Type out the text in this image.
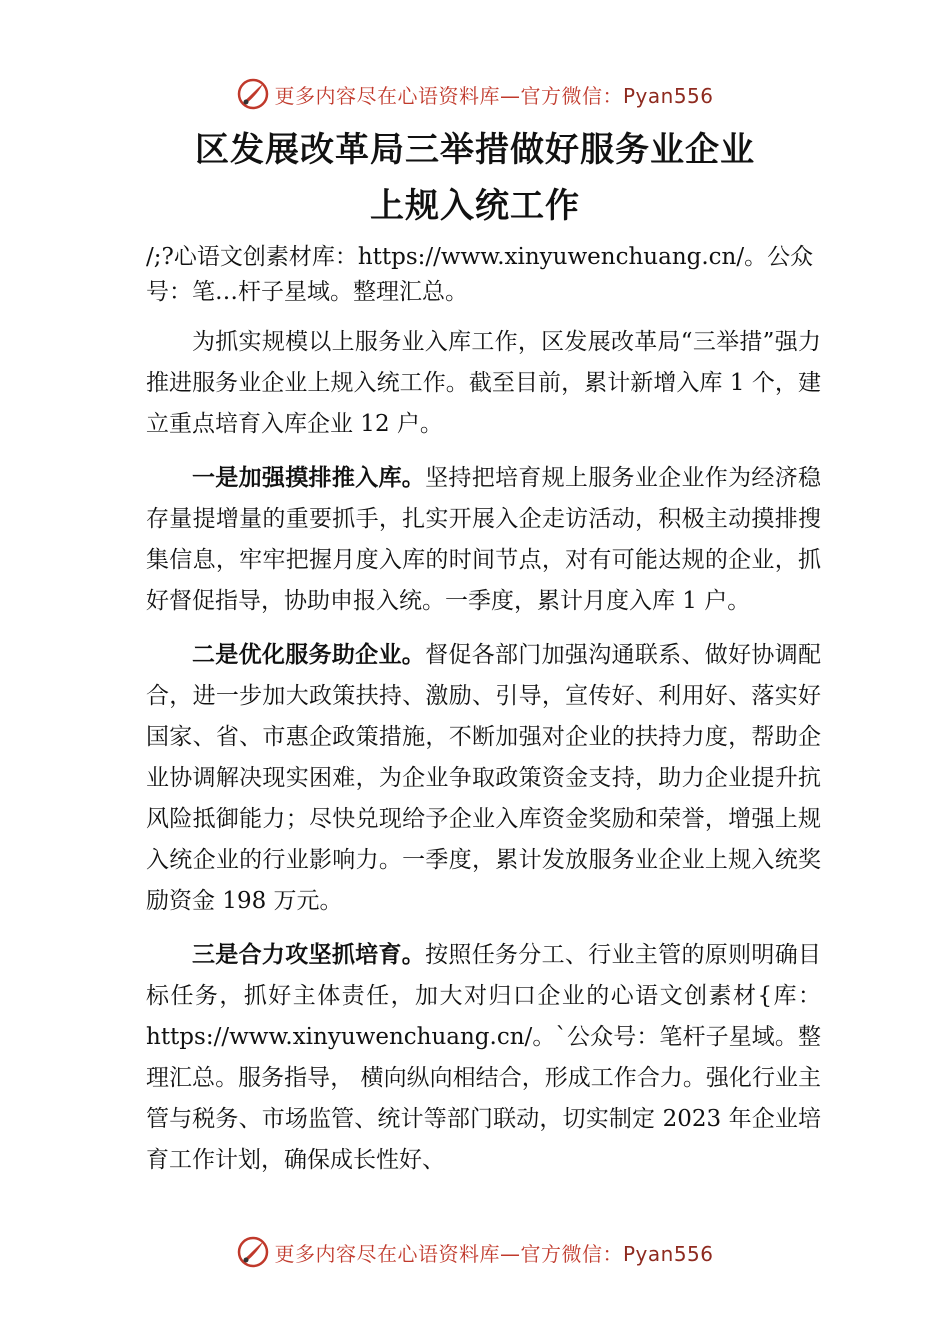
更多内容尽在心语资料库—官方微信：Pyan556
区发展改革局三举措做好服务业企业
上规入统工作

/;?心语文创素材库：https://www.xinyuwenchuang.cn/。公众号：笔…杆子星域。整理汇总。

为抓实规模以上服务业入库工作，区发展改革局“三举措”强力推进服务业企业上规入统工作。截至目前，累计新增入库 1 个，建立重点培育入库企业 12 户。

一是加强摸排推入库。坚持把培育规上服务业企业作为经济稳存量提增量的重要抓手，扎实开展入企走访活动，积极主动摸排搜集信息，牢牢把握月度入库的时间节点，对有可能达规的企业，抓好督促指导，协助申报入统。一季度，累计月度入库 1 户。

二是优化服务助企业。督促各部门加强沟通联系、做好协调配合，进一步加大政策扶持、激励、引导，宣传好、利用好、落实好国家、省、市惠企政策措施，不断加强对企业的扶持力度，帮助企业协调解决现实困难，为企业争取政策资金支持，助力企业提升抗风险抵御能力；尽快兑现给予企业入库资金奖励和荣誉，增强上规入统企业的行业影响力。一季度，累计发放服务业企业上规入统奖励资金 198 万元。

三是合力攻坚抓培育。按照任务分工、行业主管的原则明确目标任务，抓好主体责任，加大对归口企业的心语文创素材{库：https://www.xinyuwenchuang.cn/。`公众号：笔杆子星域。整理汇总。服务指导， 横向纵向相结合，形成工作合力。强化行业主管与税务、市场监管、统计等部门联动，切实制定 2023 年企业培育工作计划，确保成长性好、

更多内容尽在心语资料库—官方微信：Pyan556
